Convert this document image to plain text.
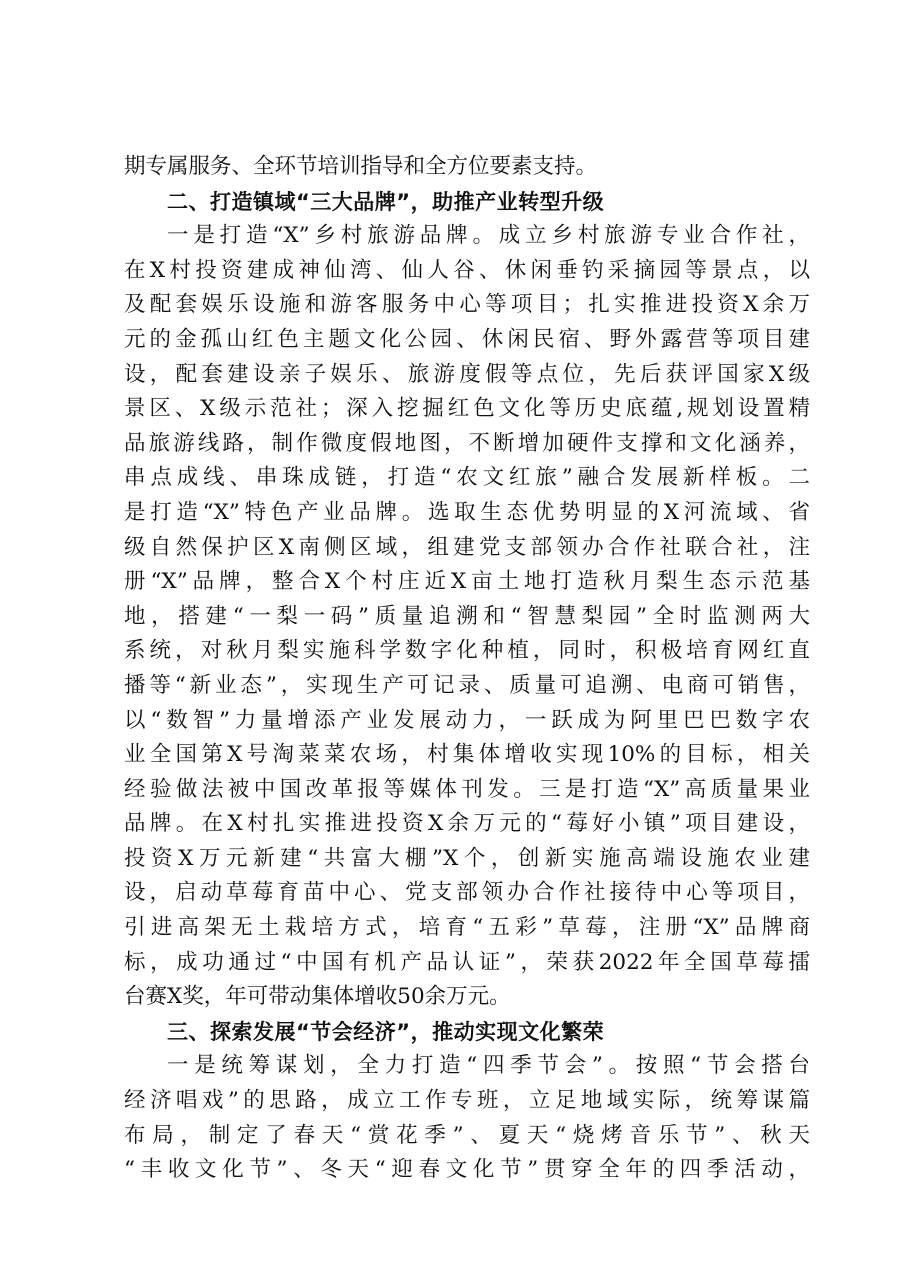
期专属服务、全环节培训指导和全方位要素支持。
二、打造镇域“三大品牌”，助推产业转型升级
一是打造“X”乡村旅游品牌。成立乡村旅游专业合作社，
在X村投资建成神仙湾、仙人谷、休闲垂钓采摘园等景点，以
及配套娱乐设施和游客服务中心等项目；扎实推进投资X余万
元的金孤山红色主题文化公园、休闲民宿、野外露营等项目建
设，配套建设亲子娱乐、旅游度假等点位，先后获评国家X级
景区、X级示范社；深入挖掘红色文化等历史底蕴,规划设置精
品旅游线路，制作微度假地图，不断增加硬件支撑和文化涵养，
串点成线、串珠成链，打造“农文红旅”融合发展新样板。二
是打造“X”特色产业品牌。选取生态优势明显的X河流域、省
级自然保护区X南侧区域，组建党支部领办合作社联合社，注
册“X”品牌，整合X个村庄近X亩土地打造秋月梨生态示范基
地，搭建“一梨一码”质量追溯和“智慧梨园”全时监测两大
系统，对秋月梨实施科学数字化种植，同时，积极培育网红直
播等“新业态”，实现生产可记录、质量可追溯、电商可销售，
以“数智”力量增添产业发展动力，一跃成为阿里巴巴数字农
业全国第X号淘菜菜农场，村集体增收实现10%的目标，相关
经验做法被中国改革报等媒体刊发。三是打造“X”高质量果业
品牌。在X村扎实推进投资X余万元的“莓好小镇”项目建设，
投资X万元新建“共富大棚”X个，创新实施高端设施农业建
设，启动草莓育苗中心、党支部领办合作社接待中心等项目，
引进高架无土栽培方式，培育“五彩”草莓，注册“X”品牌商
标，成功通过“中国有机产品认证”，荣获2022年全国草莓擂
台赛X奖，年可带动集体增收50余万元。
三、探索发展“节会经济”，推动实现文化繁荣
一是统筹谋划，全力打造“四季节会”。按照“节会搭台
经济唱戏”的思路，成立工作专班，立足地域实际，统筹谋篇
布局，制定了春天“赏花季”、夏天“烧烤音乐节”、秋天
“丰收文化节”、冬天“迎春文化节”贯穿全年的四季活动，
